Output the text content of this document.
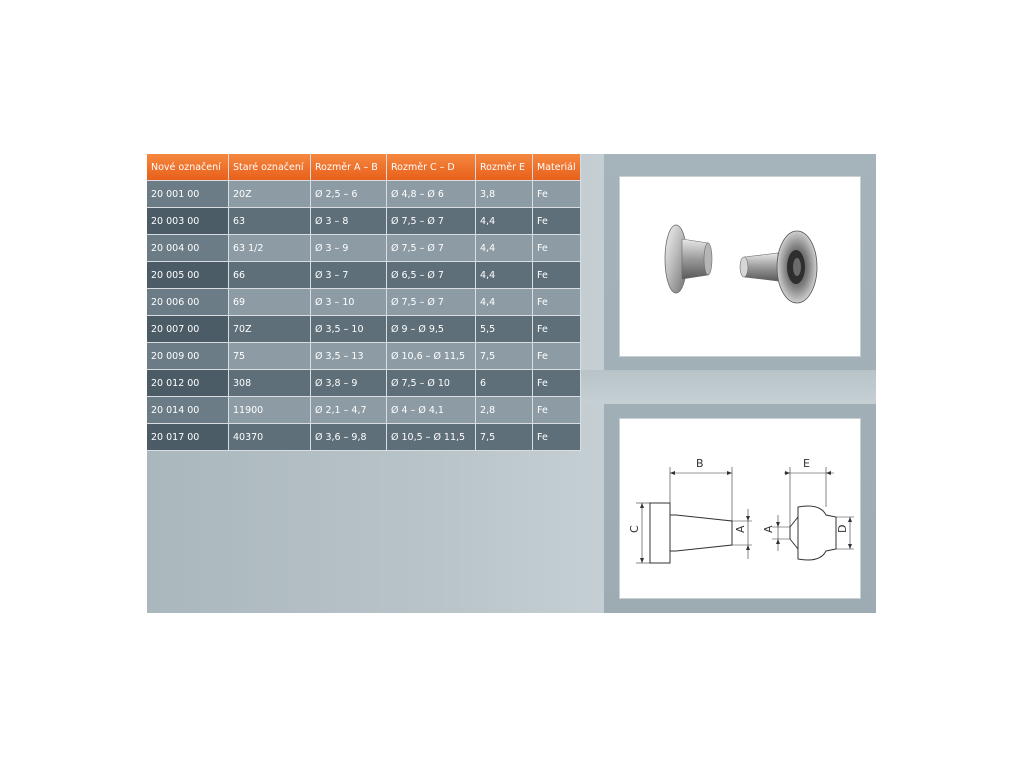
Nové označení	Staré označení	Rozměr A – B	Rozměr C – D	Rozměr E	Materiál
20 001 00	20Z	Ø 2,5 – 6	Ø 4,8 – Ø 6	3,8	Fe
20 003 00	63	Ø 3 – 8	Ø 7,5 – Ø 7	4,4	Fe
20 004 00	63 1/2	Ø 3 – 9	Ø 7,5 – Ø 7	4,4	Fe
20 005 00	66	Ø 3 – 7	Ø 6,5 – Ø 7	4,4	Fe
20 006 00	69	Ø 3 – 10	Ø 7,5 – Ø 7	4,4	Fe
20 007 00	70Z	Ø 3,5 – 10	Ø 9 – Ø 9,5	5,5	Fe
20 009 00	75	Ø 3,5 – 13	Ø 10,6 – Ø 11,5	7,5	Fe
20 012 00	308	Ø 3,8 – 9	Ø 7,5 – Ø 10	6	Fe
20 014 00	11900	Ø 2,1 – 4,7	Ø 4 – Ø 4,1	2,8	Fe
20 017 00	40370	Ø 3,6 – 9,8	Ø 10,5 – Ø 11,5	7,5	Fe
B	E
C	A A	D
